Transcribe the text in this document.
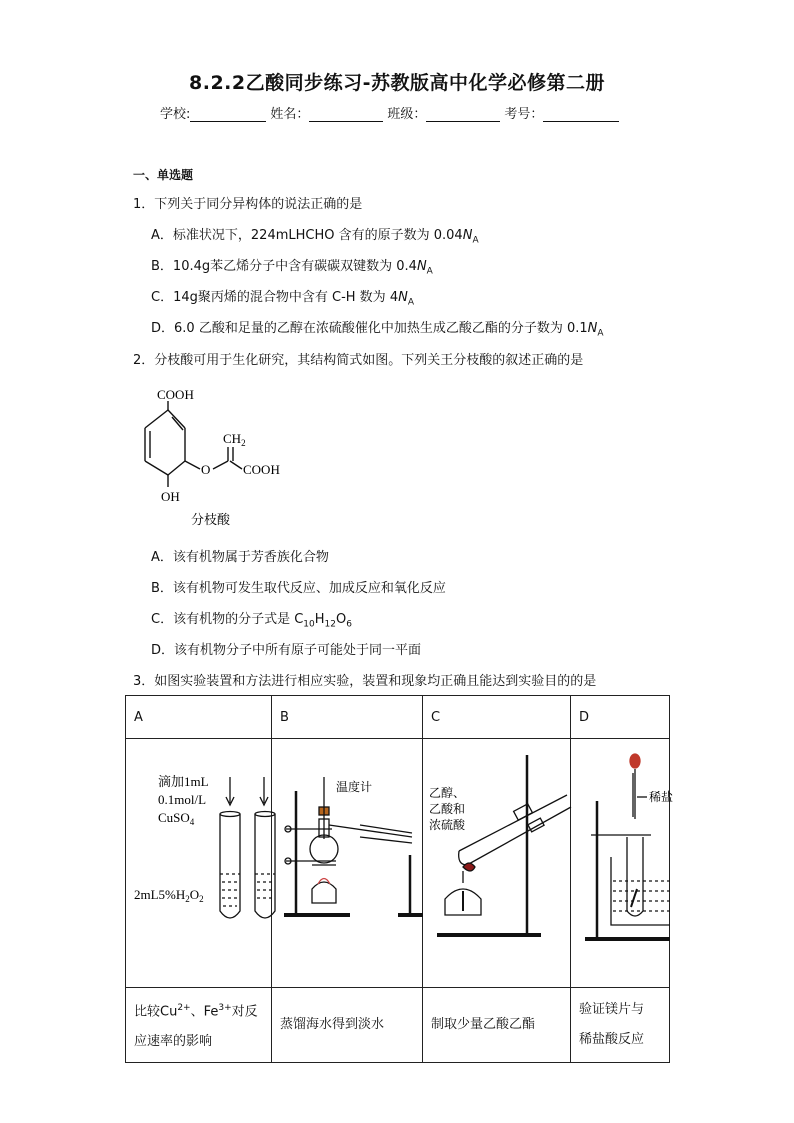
8.2.2乙酸同步练习-苏教版高中化学必修第二册
学校:	姓名：	班级：	考号：
一、单选题
1．下列关于同分异构体的说法正确的是
A．标准状况下，224mLHCHO 含有的原子数为 $0.04N_A$
B．10.4g苯乙烯分子中含有碳碳双键数为 $0.4N_A$
C．14g聚丙烯的混合物中含有 C-H 数为 $4N_A$
D．6.0 乙酸和足量的乙醇在浓硫酸催化中加热生成乙酸乙酯的分子数为 $0.1N_A$
2．分枝酸可用于生化研究，其结构简式如图。下列关王分枝酸的叙述正确的是
COOH
$CH_2$
O	COOH
OH
分枝酸
A．该有机物属于芳香族化合物
B．该有机物可发生取代反应、加成反应和氧化反应
C．该有机物的分子式是 $C_{10}H_{12}O_6$
D．该有机物分子中所有原子可能处于同一平面
3．如图实验装置和方法进行相应实验，装置和现象均正确且能达到实验目的的是
A	B	C	D

滴加1mL
0.1mol/L
CuSO$_4$
$2mL5\%H_2O_2$	温度计	乙醇、
乙酸和
浓硫酸	稀盐

比较$Cu^{2+}$、$Fe^{3+}$对反
应速率的影响	蒸馏海水得到淡水	制取少量乙酸乙酯	验证镁片与
稀盐酸反应
